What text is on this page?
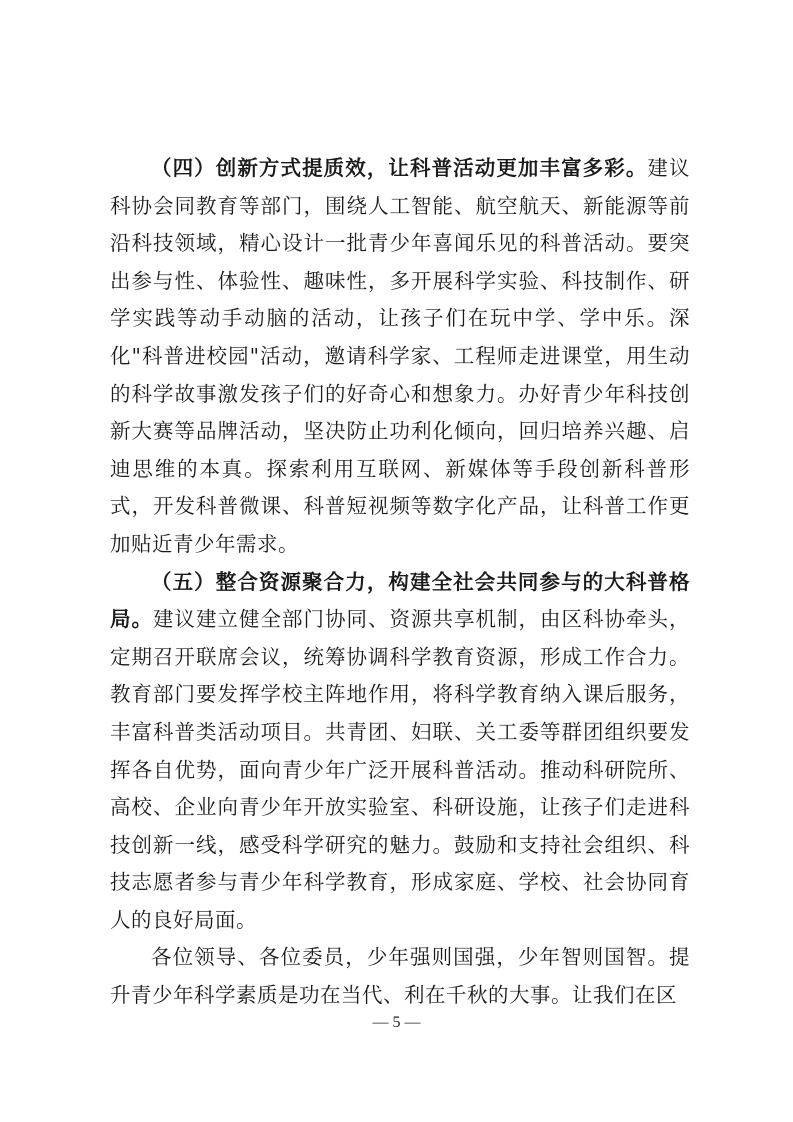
（四）创新方式提质效，让科普活动更加丰富多彩。建议科协会同教育等部门，围绕人工智能、航空航天、新能源等前沿科技领域，精心设计一批青少年喜闻乐见的科普活动。要突出参与性、体验性、趣味性，多开展科学实验、科技制作、研学实践等动手动脑的活动，让孩子们在玩中学、学中乐。深化"科普进校园"活动，邀请科学家、工程师走进课堂，用生动的科学故事激发孩子们的好奇心和想象力。办好青少年科技创新大赛等品牌活动，坚决防止功利化倾向，回归培养兴趣、启迪思维的本真。探索利用互联网、新媒体等手段创新科普形式，开发科普微课、科普短视频等数字化产品，让科普工作更加贴近青少年需求。

（五）整合资源聚合力，构建全社会共同参与的大科普格局。建议建立健全部门协同、资源共享机制，由区科协牵头，定期召开联席会议，统筹协调科学教育资源，形成工作合力。教育部门要发挥学校主阵地作用，将科学教育纳入课后服务，丰富科普类活动项目。共青团、妇联、关工委等群团组织要发挥各自优势，面向青少年广泛开展科普活动。推动科研院所、高校、企业向青少年开放实验室、科研设施，让孩子们走进科技创新一线，感受科学研究的魅力。鼓励和支持社会组织、科技志愿者参与青少年科学教育，形成家庭、学校、社会协同育人的良好局面。

各位领导、各位委员，少年强则国强，少年智则国智。提升青少年科学素质是功在当代、利在千秋的大事。让我们在区

— 5 —
